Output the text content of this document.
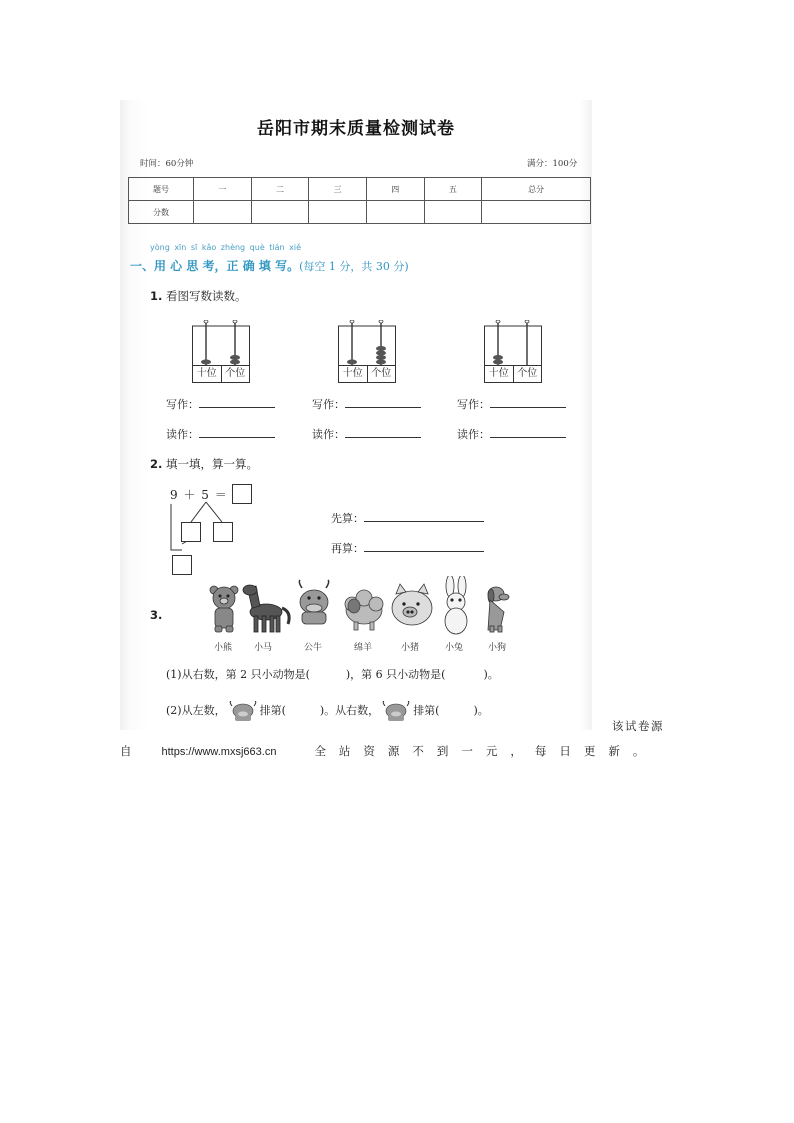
岳阳市期末质量检测试卷
时间：60分钟	满分：100分
题号	一	二	三	四	五	总分
分数						
yòng xīn sī kǎo zhèng què tián xiě
一、用 心 思 考，正 确 填 写。(每空 1 分，共 30 分)
1. 看图写数读数。
十位 个位	十位 个位	十位 个位
写作：	写作：	写作：
读作：	读作：	读作：
2. 填一填，算一算。
9 ＋ 5 ＝
先算：
再算：
3.
小熊 小马	公牛	绵羊	小猪	小兔	小狗
(1)从右数，第 2 只小动物是(	)，第 6 只小动物是(	)。
(2)从左数，	排第(	)。从右数，	排第(	)。
该试卷源
自	https://www.mxsj663.cn	全站资源不到一元，每日更新。
